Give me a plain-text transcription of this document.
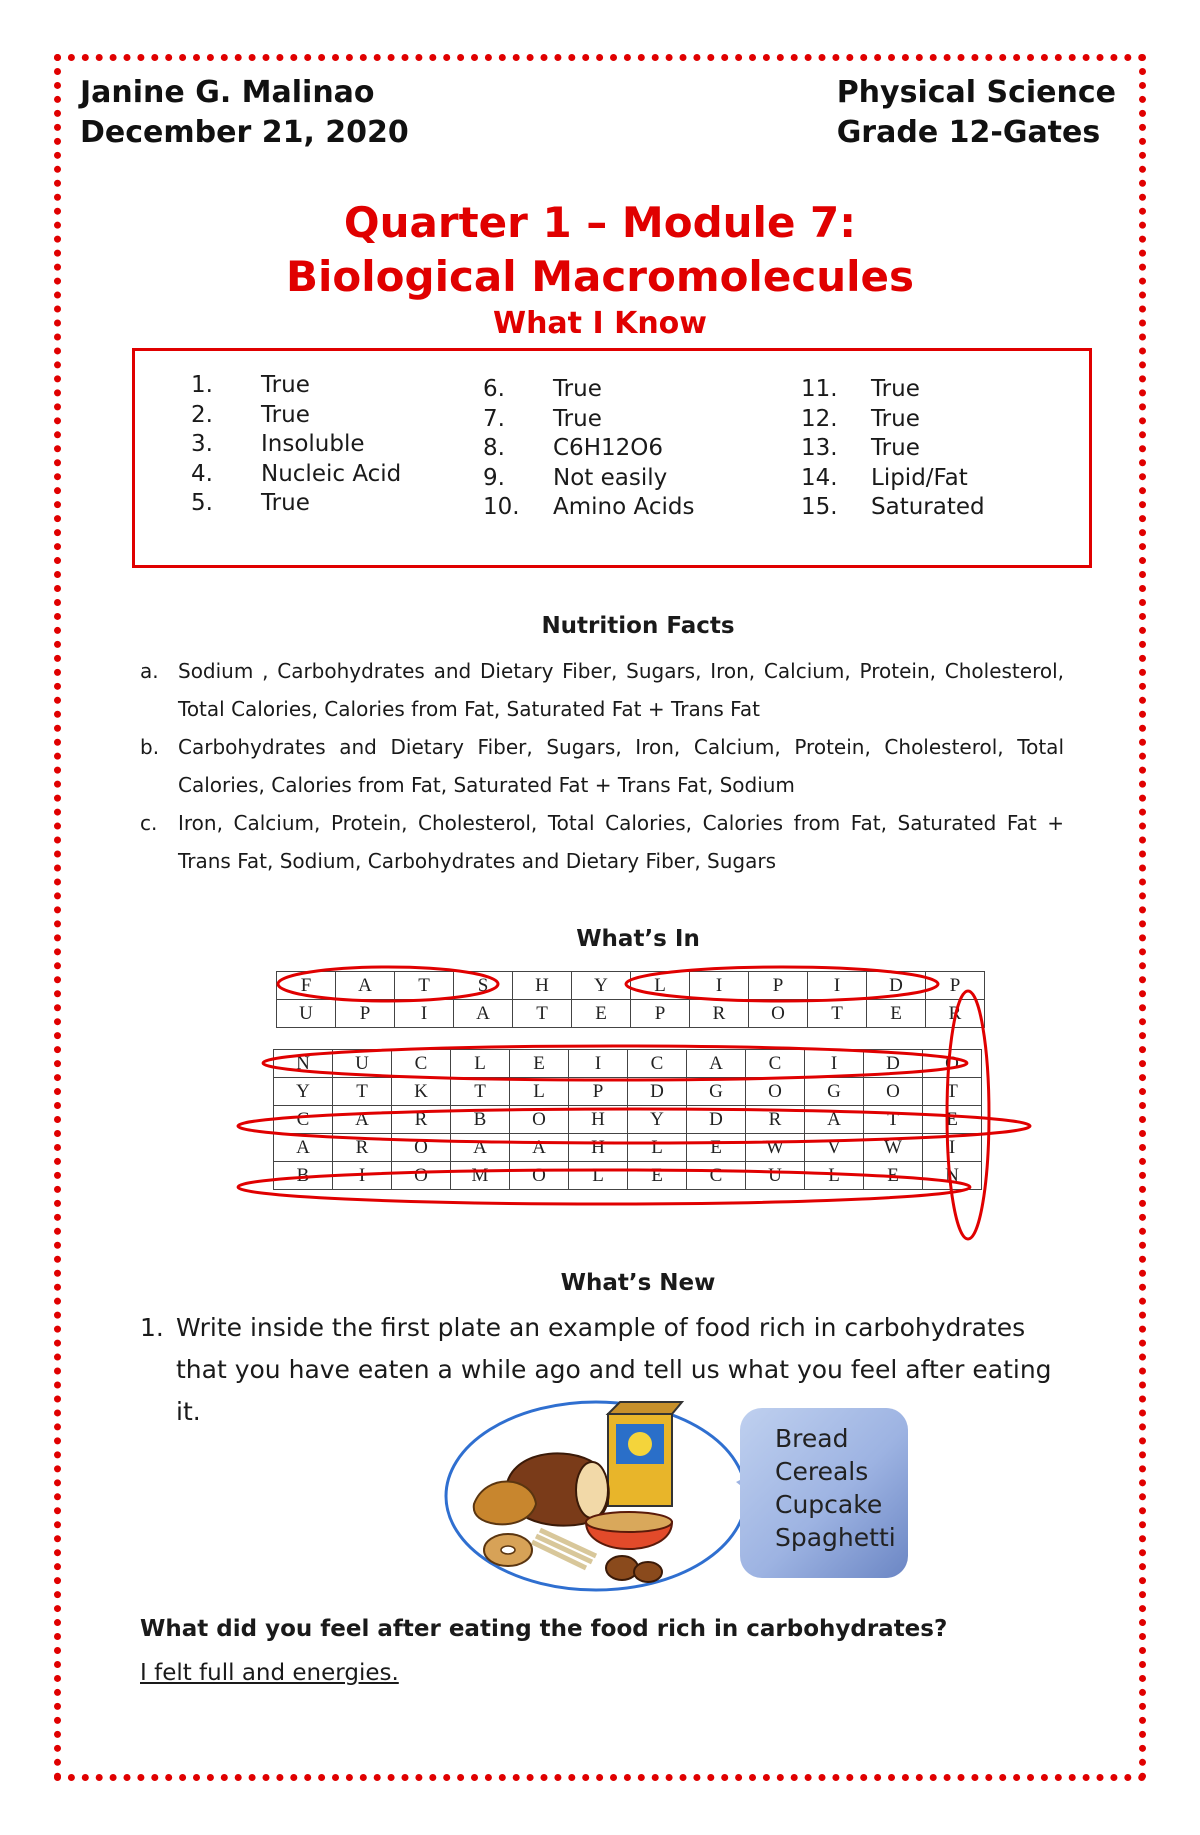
Janine G. Malinao
December 21, 2020
Physical Science
Grade 12-Gates
Quarter 1 – Module 7:
Biological Macromolecules
What I Know
1.	True
2.	True
3.	Insoluble
4.	Nucleic Acid
5.	True
6.	True
7.	True
8.	C6H12O6
9.	Not easily
10.	Amino Acids
11.	True
12.	True
13.	True
14.	Lipid/Fat
15.	Saturated
Nutrition Facts
a. Sodium , Carbohydrates and Dietary Fiber, Sugars, Iron, Calcium, Protein, Cholesterol, Total Calories, Calories from Fat, Saturated Fat + Trans Fat
b. Carbohydrates and Dietary Fiber, Sugars, Iron, Calcium, Protein, Cholesterol, Total Calories, Calories from Fat, Saturated Fat + Trans Fat, Sodium
c. Iron, Calcium, Protein, Cholesterol, Total Calories, Calories from Fat, Saturated Fat + Trans Fat, Sodium, Carbohydrates and Dietary Fiber, Sugars
What’s In
F	A	T	S	H	Y	L	I	P	I	D	P
U	P	I	A	T	E	P	R	O	T	E	R
N	U	C	L	E	I	C	A	C	I	D	O
Y	T	K	T	L	P	D	G	O	G	O	T
C	A	R	B	O	H	Y	D	R	A	T	E
A	R	O	A	A	H	L	E	W	V	W	I
B	I	O	M	O	L	E	C	U	L	E	N
What’s New
1. Write inside the first plate an example of food rich in carbohydrates that you have eaten a while ago and tell us what you feel after eating it.
Bread
Cereals
Cupcake
Spaghetti
What did you feel after eating the food rich in carbohydrates?
I felt full and energies.
